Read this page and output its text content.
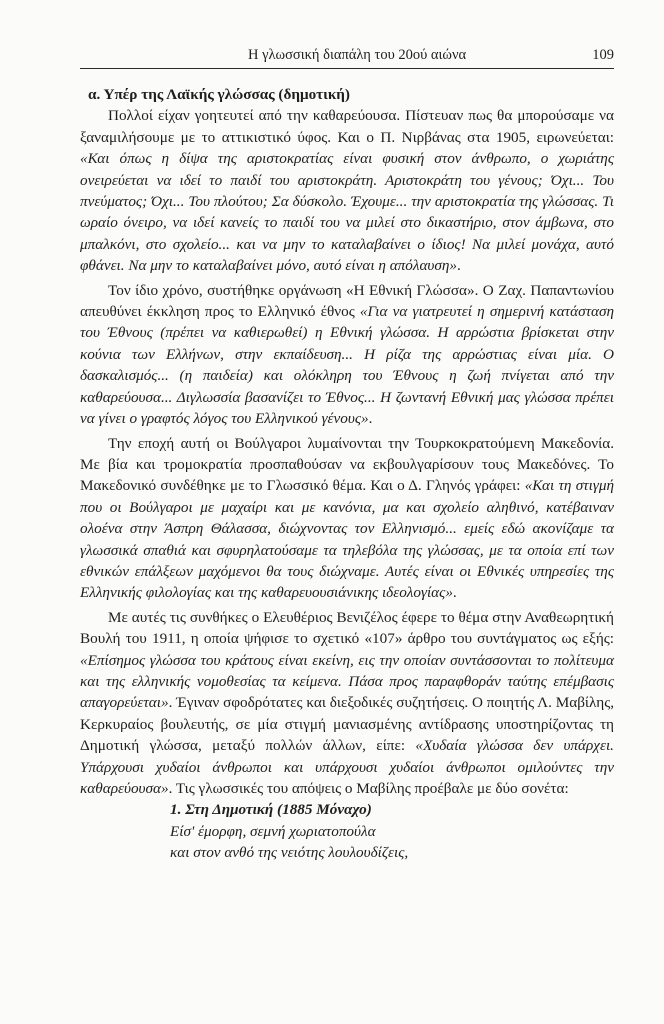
Η γλωσσική διαπάλη του 20ού αιώνα	109

α. Υπέρ της Λαϊκής γλώσσας (δημοτική)

Πολλοί είχαν γοητευτεί από την καθαρεύουσα. Πίστευαν πως θα μπορούσαμε να ξαναμιλήσουμε με το αττικιστικό ύφος. Και ο Π. Νιρβάνας στα 1905, ειρωνεύεται: «Και όπως η δίψα της αριστοκρατίας είναι φυσική στον άνθρωπο, ο χωριάτης ονειρεύεται να ιδεί το παιδί του αριστοκράτη. Αριστοκράτη του γένους; Όχι... Του πνεύματος; Όχι... Του πλούτου; Σα δύσκολο. Έχουμε... την αριστοκρατία της γλώσσας. Τι ωραίο όνειρο, να ιδεί κανείς το παιδί του να μιλεί στο δικαστήριο, στον άμβωνα, στο μπαλκόνι, στο σχολείο... και να μην το καταλαβαίνει ο ίδιος! Να μιλεί μονάχα, αυτό φθάνει. Να μην το καταλαβαίνει μόνο, αυτό είναι η απόλαυση».

Τον ίδιο χρόνο, συστήθηκε οργάνωση «Η Εθνική Γλώσσα». Ο Ζαχ. Παπαντωνίου απευθύνει έκκληση προς το Ελληνικό έθνος «Για να γιατρευτεί η σημερινή κατάσταση του Έθνους (πρέπει να καθιερωθεί) η Εθνική γλώσσα. Η αρρώστια βρίσκεται στην κούνια των Ελλήνων, στην εκπαίδευση... Η ρίζα της αρρώστιας είναι μία. Ο δασκαλισμός... (η παιδεία) και ολόκληρη του Έθνους η ζωή πνίγεται από την καθαρεύουσα... Διγλωσσία βασανίζει το Έθνος... Η ζωντανή Εθνική μας γλώσσα πρέπει να γίνει ο γραφτός λόγος του Ελληνικού γένους».

Την εποχή αυτή οι Βούλγαροι λυμαίνονται την Τουρκοκρατούμενη Μακεδονία. Με βία και τρομοκρατία προσπαθούσαν να εκβουλγαρίσουν τους Μακεδόνες. Το Μακεδονικό συνδέθηκε με το Γλωσσικό θέμα. Και ο Δ. Γληνός γράφει: «Και τη στιγμή που οι Βούλγαροι με μαχαίρι και με κανόνια, μα και σχολείο αληθινό, κατέβαιναν ολοένα στην Άσπρη Θάλασσα, διώχνοντας τον Ελληνισμό... εμείς εδώ ακονίζαμε τα γλωσσικά σπαθιά και σφυρηλατούσαμε τα τηλεβόλα της γλώσσας, με τα οποία επί των εθνικών επάλξεων μαχόμενοι θα τους διώχναμε. Αυτές είναι οι Εθνικές υπηρεσίες της Ελληνικής φιλολογίας και της καθαρευουσιάνικης ιδεολογίας».

Με αυτές τις συνθήκες ο Ελευθέριος Βενιζέλος έφερε το θέμα στην Αναθεωρητική Βουλή του 1911, η οποία ψήφισε το σχετικό «107» άρθρο του συντάγματος ως εξής: «Επίσημος γλώσσα του κράτους είναι εκείνη, εις την οποίαν συντάσσονται το πολίτευμα και της ελληνικής νομοθεσίας τα κείμενα. Πάσα προς παραφθοράν ταύτης επέμβασις απαγορεύεται». Έγιναν σφοδρότατες και διεξοδικές συζητήσεις. Ο ποιητής Λ. Μαβίλης, Κερκυραίος βουλευτής, σε μία στιγμή μανιασμένης αντίδρασης υποστηρίζοντας τη Δημοτική γλώσσα, μεταξύ πολλών άλλων, είπε: «Χυδαία γλώσσα δεν υπάρχει. Υπάρχουσι χυδαίοι άνθρωποι και υπάρχουσι χυδαίοι άνθρωποι ομιλούντες την καθαρεύουσα». Τις γλωσσικές του απόψεις ο Μαβίλης προέβαλε με δύο σονέτα:

1. Στη Δημοτική (1885 Μόναχο)
Είσ' έμορφη, σεμνή χωριατοπούλα
και στον ανθό της νειότης λουλουδίζεις,
